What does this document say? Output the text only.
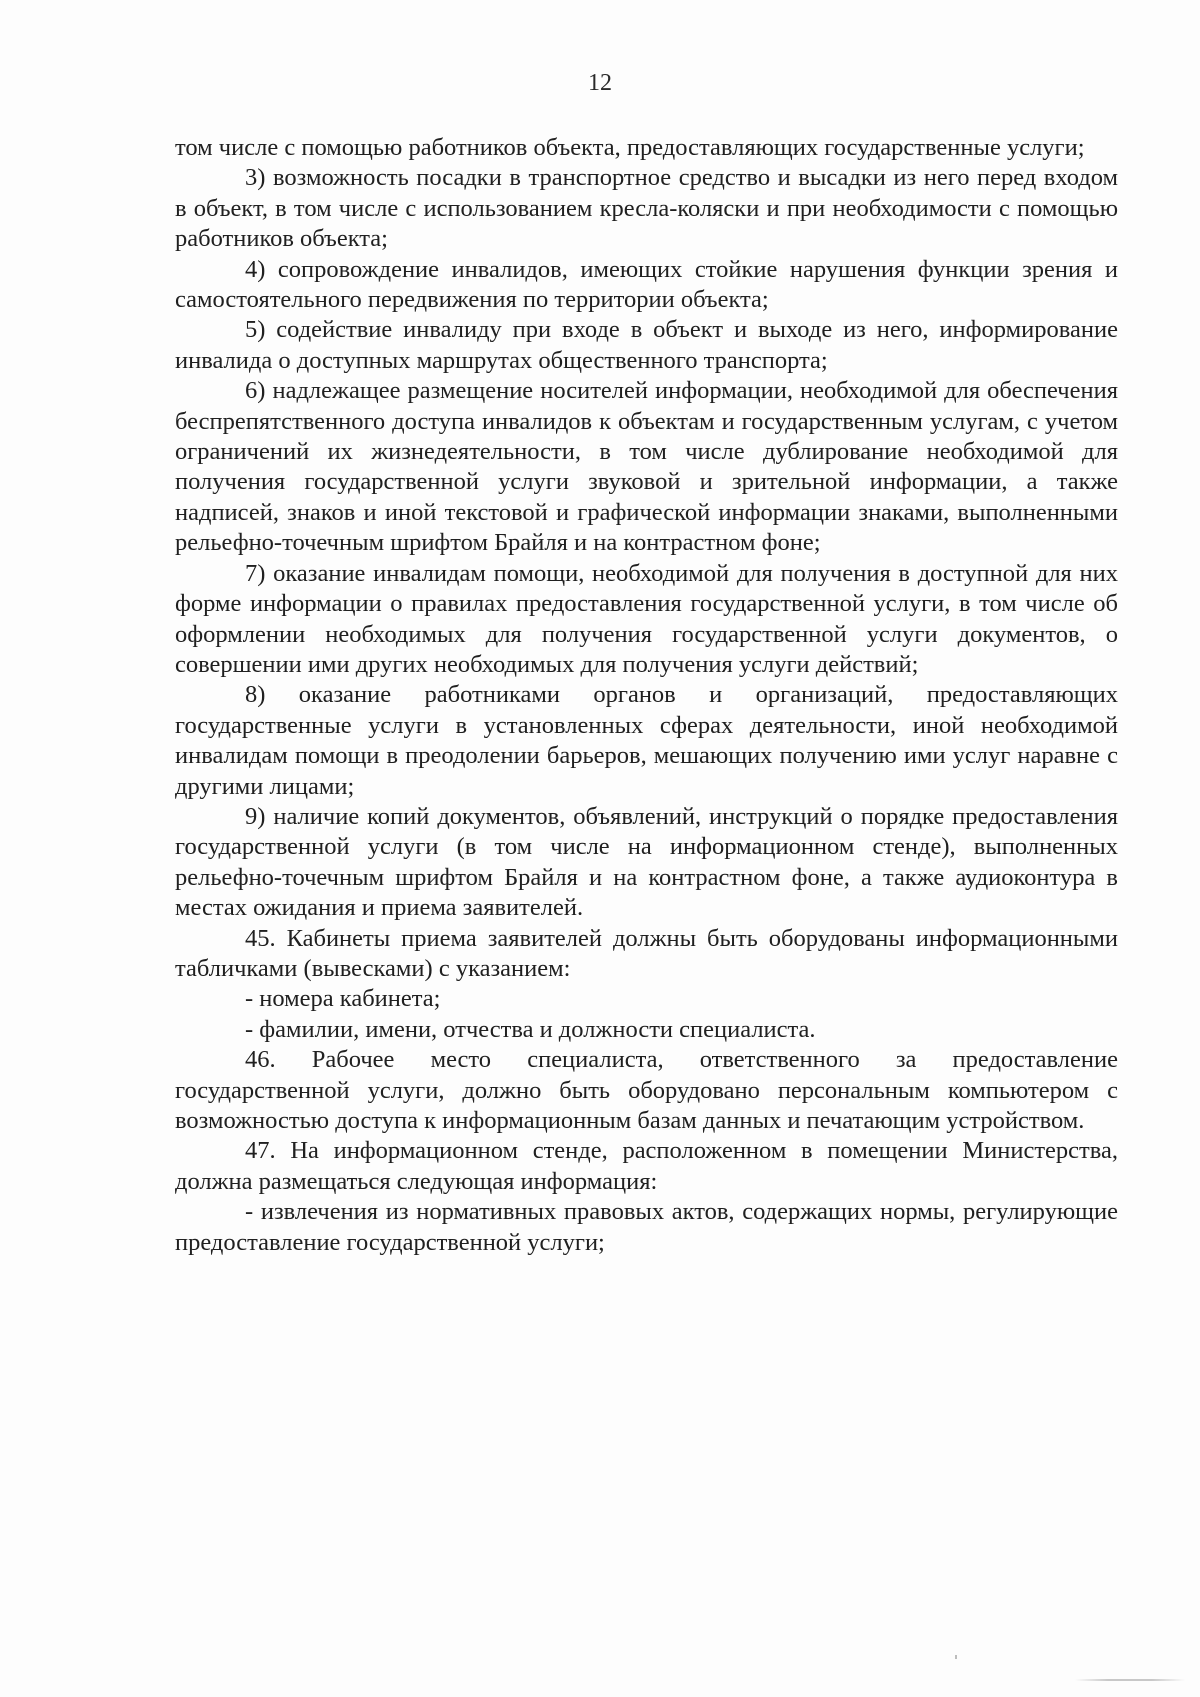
12

том числе с помощью работников объекта, предоставляющих государственные услуги;

3) возможность посадки в транспортное средство и высадки из него перед входом в объект, в том числе с использованием кресла-коляски и при необходимости с помощью работников объекта;

4) сопровождение инвалидов, имеющих стойкие нарушения функции зрения и самостоятельного передвижения по территории объекта;

5) содействие инвалиду при входе в объект и выходе из него, информирование инвалида о доступных маршрутах общественного транспорта;

6) надлежащее размещение носителей информации, необходимой для обеспечения беспрепятственного доступа инвалидов к объектам и государственным услугам, с учетом ограничений их жизнедеятельности, в том числе дублирование необходимой для получения государственной услуги звуковой и зрительной информации, а также надписей, знаков и иной текстовой и графической информации знаками, выполненными рельефно-точечным шрифтом Брайля и на контрастном фоне;

7) оказание инвалидам помощи, необходимой для получения в доступной для них форме информации о правилах предоставления государственной услуги, в том числе об оформлении необходимых для получения государственной услуги документов, о совершении ими других необходимых для получения услуги действий;

8) оказание работниками органов и организаций, предоставляющих государственные услуги в установленных сферах деятельности, иной необходимой инвалидам помощи в преодолении барьеров, мешающих получению ими услуг наравне с другими лицами;

9) наличие копий документов, объявлений, инструкций о порядке предоставления государственной услуги (в том числе на информационном стенде), выполненных рельефно-точечным шрифтом Брайля и на контрастном фоне, а также аудиоконтура в местах ожидания и приема заявителей.

45. Кабинеты приема заявителей должны быть оборудованы информационными табличками (вывесками) с указанием:

- номера кабинета;

- фамилии, имени, отчества и должности специалиста.

46. Рабочее место специалиста, ответственного за предоставление государственной услуги, должно быть оборудовано персональным компьютером с возможностью доступа к информационным базам данных и печатающим устройством.

47. На информационном стенде, расположенном в помещении Министерства, должна размещаться следующая информация:

- извлечения из нормативных правовых актов, содержащих нормы, регулирующие предоставление государственной услуги;
